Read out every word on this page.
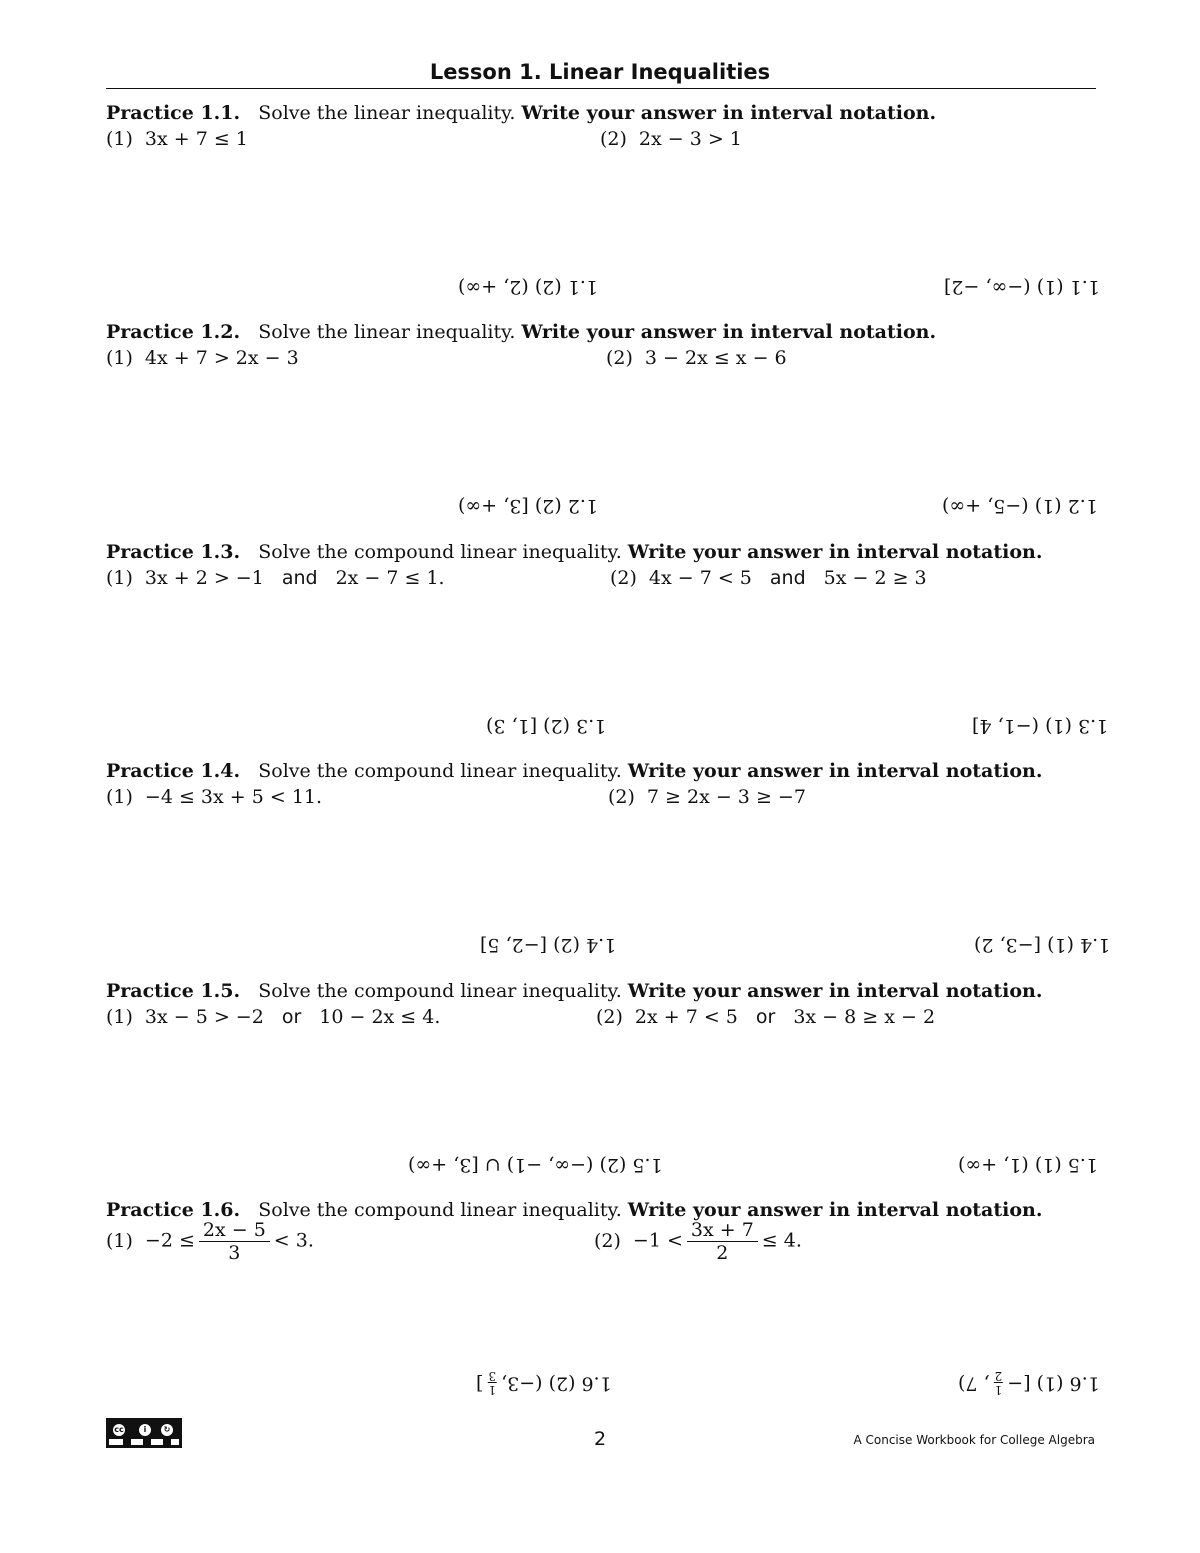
Lesson 1. Linear Inequalities
Practice 1.1. Solve the linear inequality. Write your answer in interval notation.
(1) 3x + 7 ≤ 1	(2) 2x − 3 > 1
1.1 (1) (−∞, −2]
1.1 (2) (2, +∞)
Practice 1.2. Solve the linear inequality. Write your answer in interval notation.
(1) 4x + 7 > 2x − 3	(2) 3 − 2x ≤ x − 6
1.2 (1) (−5, +∞)
1.2 (2) [3, +∞)
Practice 1.3. Solve the compound linear inequality. Write your answer in interval notation.
(1) 3x + 2 > −1 and 2x − 7 ≤ 1.	(2) 4x − 7 < 5 and 5x − 2 ≥ 3
1.3 (1) (−1, 4]
1.3 (2) [1, 3)
Practice 1.4. Solve the compound linear inequality. Write your answer in interval notation.
(1) −4 ≤ 3x + 5 < 11.	(2) 7 ≥ 2x − 3 ≥ −7
1.4 (1) [−3, 2)
1.4 (2) [−2, 5]
Practice 1.5. Solve the compound linear inequality. Write your answer in interval notation.
(1) 3x − 5 > −2 or 10 − 2x ≤ 4.	(2) 2x + 7 < 5 or 3x − 8 ≥ x − 2
1.5 (1) (1, +∞)
1.5 (2) (−∞, −1) ∪ [3, +∞)
Practice 1.6. Solve the compound linear inequality. Write your answer in interval notation.
$(1) -2 \le \frac{2x - 5}{3} < 3$.	$(2) -1 < \frac{3x + 7}{2} \le 4$.
1.6 (1) [−
1
2
, 7)
1.6 (2) (−3,
1
3
]
cc	i	↻	2	A Concise Workbook for College Algebra
